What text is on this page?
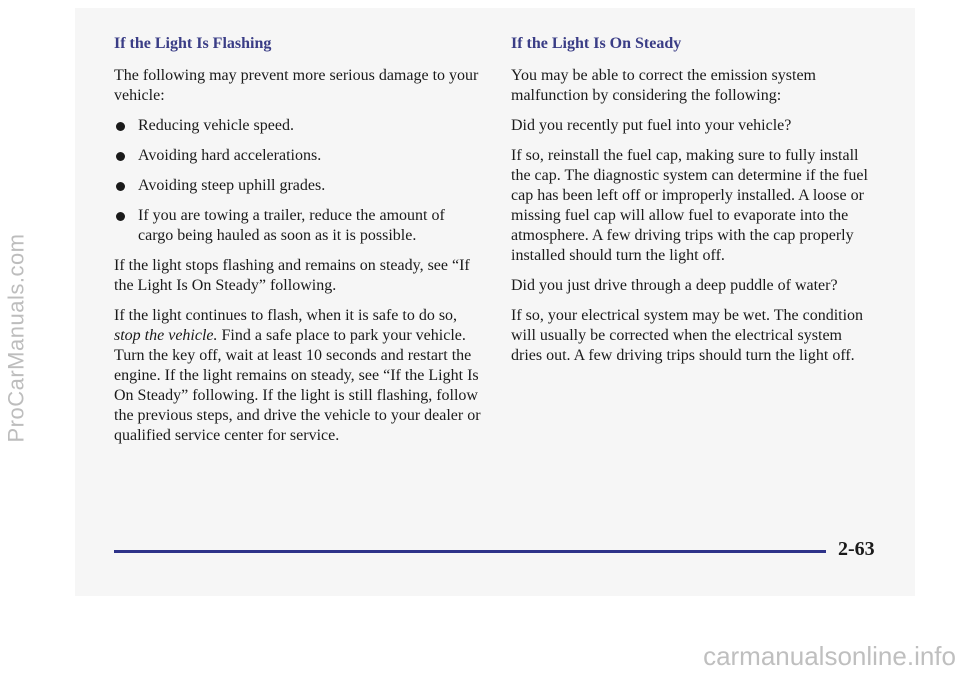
If the Light Is Flashing

The following may prevent more serious damage to your vehicle:

Reducing vehicle speed.
Avoiding hard accelerations.
Avoiding steep uphill grades.
If you are towing a trailer, reduce the amount of cargo being hauled as soon as it is possible.

If the light stops flashing and remains on steady, see “If the Light Is On Steady” following.

If the light continues to flash, when it is safe to do so, stop the vehicle. Find a safe place to park your vehicle. Turn the key off, wait at least 10 seconds and restart the engine. If the light remains on steady, see “If the Light Is On Steady” following. If the light is still flashing, follow the previous steps, and drive the vehicle to your dealer or qualified service center for service.

If the Light Is On Steady

You may be able to correct the emission system malfunction by considering the following:

Did you recently put fuel into your vehicle?

If so, reinstall the fuel cap, making sure to fully install the cap. The diagnostic system can determine if the fuel cap has been left off or improperly installed. A loose or missing fuel cap will allow fuel to evaporate into the atmosphere. A few driving trips with the cap properly installed should turn the light off.

Did you just drive through a deep puddle of water?

If so, your electrical system may be wet. The condition will usually be corrected when the electrical system dries out. A few driving trips should turn the light off.

2-63
ProCarManuals.com
carmanualsonline.info
